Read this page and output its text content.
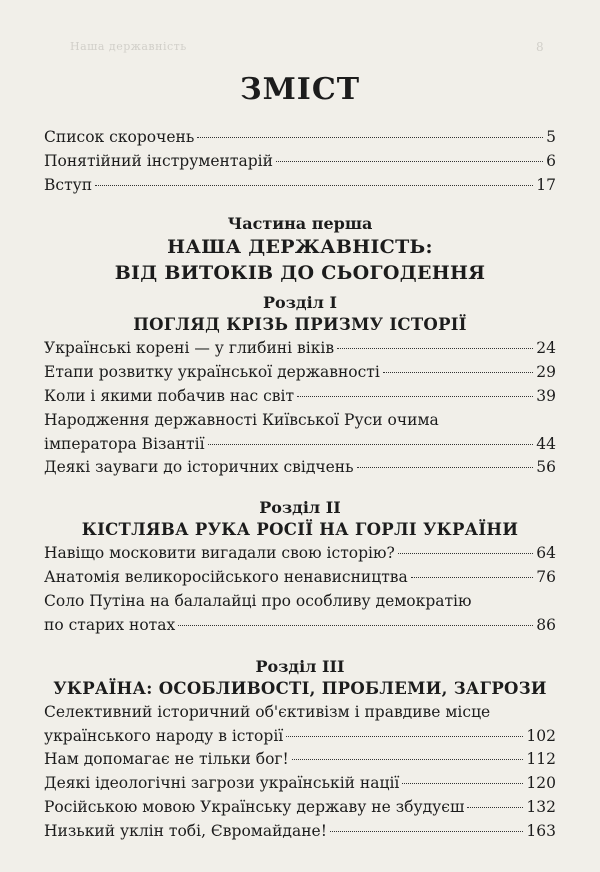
Наша державність	8
ЗМІСТ
Список скорочень	5
Понятійний інструментарій	6
Вступ	17
Частина перша
НАША ДЕРЖАВНІСТЬ:
ВІД ВИТОКІВ ДО СЬОГОДЕННЯ
Розділ І
ПОГЛЯД КРІЗЬ ПРИЗМУ ІСТОРІЇ
Українські корені — у глибині віків	24
Етапи розвитку української державності	29
Коли і якими побачив нас світ	39
Народження державності Київської Руси очима
імператора Візантії	44
Деякі зауваги до історичних свідчень	56
Розділ II
КІСТЛЯВА РУКА РОСІЇ НА ГОРЛІ УКРАЇНИ
Навіщо московити вигадали свою історію?	64
Анатомія великоросійського ненависництва	76
Соло Путіна на балалайці про особливу демократію
по старих нотах	86
Розділ III
УКРАЇНА: ОСОБЛИВОСТІ, ПРОБЛЕМИ, ЗАГРОЗИ
Селективний історичний об'єктивізм і правдиве місце
українського народу в історії	102
Нам допомагає не тільки бог!	112
Деякі ідеологічні загрози українській нації	120
Російською мовою Українську державу не збудуєш	132
Низький уклін тобі, Євромайдане!	163
